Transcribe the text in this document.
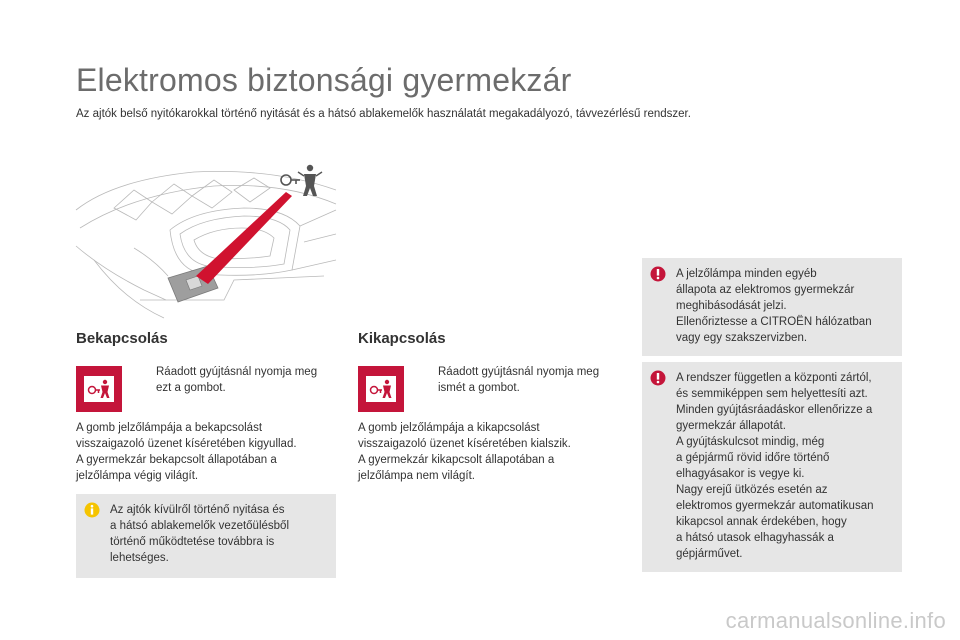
Elektromos biztonsági gyermekzár
Az ajtók belső nyitókarokkal történő nyitását és a hátsó ablakemelők használatát megakadályozó, távvezérlésű rendszer.
Bekapcsolás
Ráadott gyújtásnál nyomja meg
ezt a gombot.
A gomb jelzőlámpája a bekapcsolást
visszaigazoló üzenet kíséretében kigyullad.
A gyermekzár bekapcsolt állapotában a
jelzőlámpa végig világít.
Az ajtók kívülről történő nyitása és
a hátsó ablakemelők vezetőülésből
történő működtetése továbbra is
lehetséges.
Kikapcsolás
Ráadott gyújtásnál nyomja meg
ismét a gombot.
A gomb jelzőlámpája a kikapcsolást
visszaigazoló üzenet kíséretében kialszik.
A gyermekzár kikapcsolt állapotában a
jelzőlámpa nem világít.
A jelzőlámpa minden egyéb
állapota az elektromos gyermekzár
meghibásodását jelzi.
Ellenőriztesse a CITROËN hálózatban
vagy egy szakszervizben.
A rendszer független a központi zártól,
és semmiképpen sem helyettesíti azt.
Minden gyújtásráadáskor ellenőrizze a
gyermekzár állapotát.
A gyújtáskulcsot mindig, még
a gépjármű rövid időre történő
elhagyásakor is vegye ki.
Nagy erejű ütközés esetén az
elektromos gyermekzár automatikusan
kikapcsol annak érdekében, hogy
a hátsó utasok elhagyhassák a
gépjárművet.
carmanualsonline.info
